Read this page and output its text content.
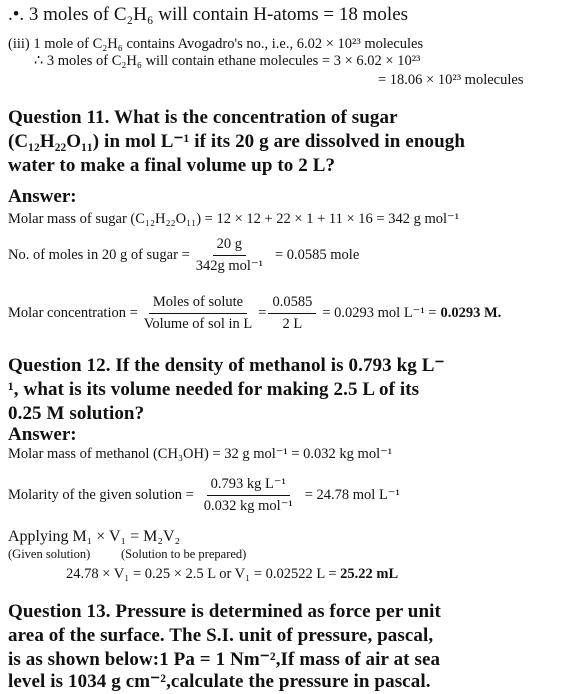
.•. 3 moles of C₂H₆ will contain H-atoms = 18 moles
(iii) 1 mole of C₂H₆ contains Avogadro's no., i.e., 6.02 × 10²³ molecules
∴ 3 moles of C₂H₆ will contain ethane molecules = 3 × 6.02 × 10²³
= 18.06 × 10²³ molecules
Question 11. What is the concentration of sugar
(C₁₂H₂₂O₁₁) in mol L⁻¹ if its 20 g are dissolved in enough
water to make a final volume up to 2 L?
Answer:
Molar mass of sugar (C₁₂H₂₂O₁₁) = 12 × 12 + 22 × 1 + 11 × 16 = 342 g mol⁻¹
No. of moles in 20 g of sugar = $\frac{20 g}{\text{342g mol⁻¹}} = 0.0585$ mole
Molar concentration = $\frac{\text{Moles of solute}}{\text{Volume of sol in L}} = \frac{0.0585}{2 L} = 0.0293$ mol L⁻¹ = 0.0293 M.
Question 12. If the density of methanol is 0.793 kg L⁻
¹, what is its volume needed for making 2.5 L of its
0.25 M solution?
Answer:
Molar mass of methanol (CH₃OH) = 32 g mol⁻¹ = 0.032 kg mol⁻¹
Molarity of the given solution = $\frac{\text{0.793 kg L⁻¹}}{\text{0.032 kg mol⁻¹}} = 24.78$ mol L⁻¹
Applying M₁ × V₁ = M₂V₂
(Given solution) (Solution to be prepared)
24.78 × V₁ = 0.25 × 2.5 L or V₁ = 0.02522 L = 25.22 mL
Question 13. Pressure is determined as force per unit
area of the surface. The S.I. unit of pressure, pascal,
is as shown below:1 Pa = 1 Nm⁻²,If mass of air at sea
level is 1034 g cm⁻²,calculate the pressure in pascal.
